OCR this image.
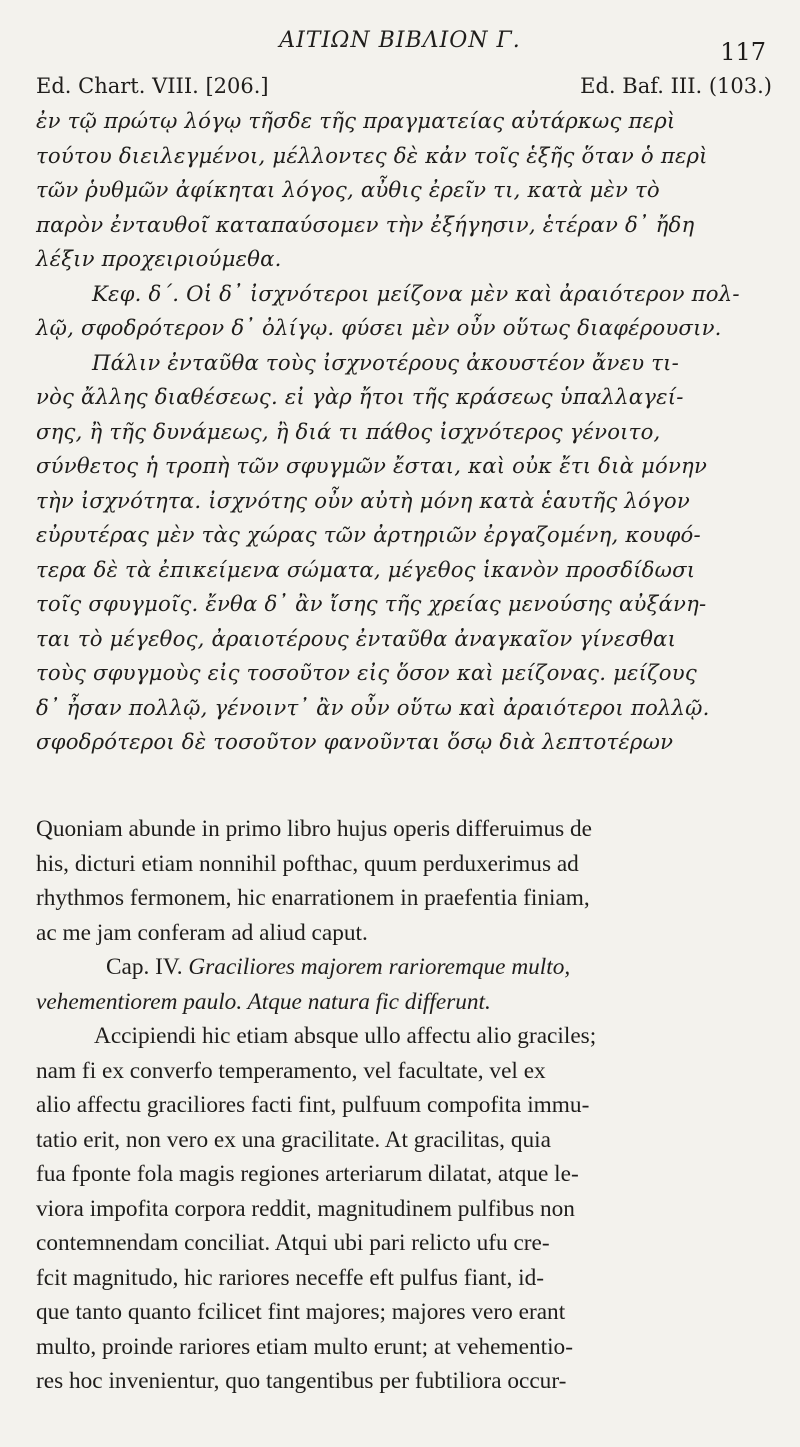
ΑΙΤΙΩΝ ΒΙΒΛΙΟΝ Γ.	117
Ed. Chart. VIII. [206.]	Ed. Baf. III. (103.)
ἐν τῷ πρώτῳ λόγῳ τῆσδε τῆς πραγματείας αὐτάρκως περὶ
τούτου διειλεγμένοι, μέλλοντες δὲ κἀν τοῖς ἑξῆς ὅταν ὁ περὶ
τῶν ῥυθμῶν ἀφίκηται λόγος, αὖθις ἐρεῖν τι, κατὰ μὲν τὸ
παρὸν ἐνταυθοῖ καταπαύσομεν τὴν ἐξήγησιν, ἑτέραν δ᾽ ἤδη
λέξιν προχειριούμεθα.
Κεφ. δ΄. Οἱ δ᾽ ἰσχνότεροι μείζονα μὲν καὶ ἀραιότερον πολ-
λῷ, σφοδρότερον δ᾽ ὀλίγῳ. φύσει μὲν οὖν οὕτως διαφέρουσιν.
Πάλιν ἐνταῦθα τοὺς ἰσχνοτέρους ἀκουστέον ἄνευ τι-
νὸς ἄλλης διαθέσεως. εἰ γὰρ ἤτοι τῆς κράσεως ὑπαλλαγεί-
σης, ἢ τῆς δυνάμεως, ἢ διά τι πάθος ἰσχνότερος γένοιτο,
σύνθετος ἡ τροπὴ τῶν σφυγμῶν ἔσται, καὶ οὐκ ἔτι διὰ μόνην
τὴν ἰσχνότητα. ἰσχνότης οὖν αὐτὴ μόνη κατὰ ἑαυτῆς λόγον
εὐρυτέρας μὲν τὰς χώρας τῶν ἀρτηριῶν ἐργαζομένη, κουφό-
τερα δὲ τὰ ἐπικείμενα σώματα, μέγεθος ἱκανὸν προσδίδωσι
τοῖς σφυγμοῖς. ἔνθα δ᾽ ἂν ἴσης τῆς χρείας μενούσης αὐξάνη-
ται τὸ μέγεθος, ἀραιοτέρους ἐνταῦθα ἀναγκαῖον γίνεσθαι
τοὺς σφυγμοὺς εἰς τοσοῦτον εἰς ὅσον καὶ μείζονας. μείζους
δ᾽ ἦσαν πολλῷ, γένοιντ᾽ ἂν οὖν οὕτω καὶ ἀραιότεροι πολλῷ.
σφοδρότεροι δὲ τοσοῦτον φανοῦνται ὅσῳ διὰ λεπτοτέρων
Quoniam abunde in primo libro hujus operis differuimus de
his, dicturi etiam nonnihil pofthac, quum perduxerimus ad
rhythmos fermonem, hic enarrationem in praefentia finiam,
ac me jam conferam ad aliud caput.
Cap. IV. Graciliores majorem rarioremque multo,
vehementiorem paulo. Atque natura fic differunt.
Accipiendi hic etiam absque ullo affectu alio graciles;
nam fi ex converfo temperamento, vel facultate, vel ex
alio affectu graciliores facti fint, pulfuum compofita immu-
tatio erit, non vero ex una gracilitate. At gracilitas, quia
fua fponte fola magis regiones arteriarum dilatat, atque le-
viora impofita corpora reddit, magnitudinem pulfibus non
contemnendam conciliat. Atqui ubi pari relicto ufu cre-
fcit magnitudo, hic rariores neceffe eft pulfus fiant, id-
que tanto quanto fcilicet fint majores; majores vero erant
multo, proinde rariores etiam multo erunt; at vehementio-
res hoc invenientur, quo tangentibus per fubtiliora occur-
